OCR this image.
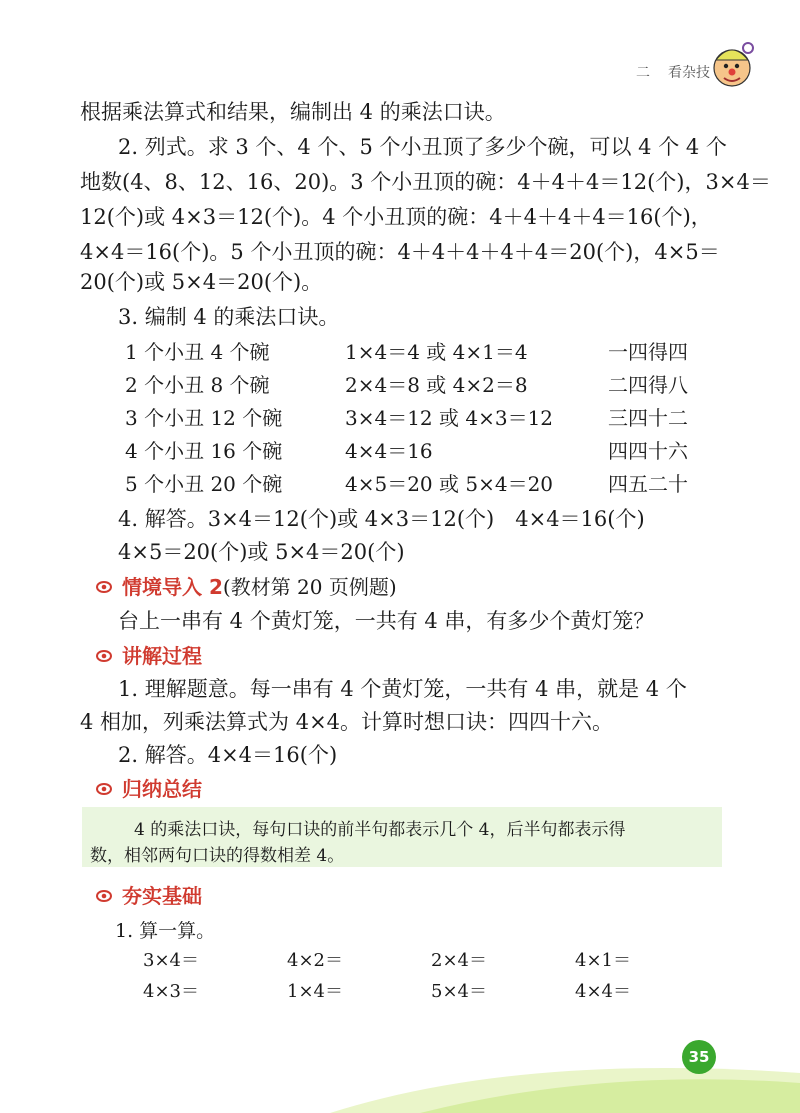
二 看杂技
根据乘法算式和结果，编制出 4 的乘法口诀。
2. 列式。求 3 个、4 个、5 个小丑顶了多少个碗，可以 4 个 4 个
地数(4、8、12、16、20)。3 个小丑顶的碗：4＋4＋4＝12(个)，3×4＝
12(个)或 4×3＝12(个)。4 个小丑顶的碗：4＋4＋4＋4＝16(个)，
4×4＝16(个)。5 个小丑顶的碗：4＋4＋4＋4＋4＝20(个)，4×5＝
20(个)或 5×4＝20(个)。
3. 编制 4 的乘法口诀。
1 个小丑 4 个碗	1×4＝4 或 4×1＝4	一四得四
2 个小丑 8 个碗	2×4＝8 或 4×2＝8	二四得八
3 个小丑 12 个碗	3×4＝12 或 4×3＝12	三四十二
4 个小丑 16 个碗	4×4＝16	四四十六
5 个小丑 20 个碗	4×5＝20 或 5×4＝20	四五二十
4. 解答。3×4＝12(个)或 4×3＝12(个)　4×4＝16(个)
4×5＝20(个)或 5×4＝20(个)
情境导入 2(教材第 20 页例题)
台上一串有 4 个黄灯笼，一共有 4 串，有多少个黄灯笼？
讲解过程
1. 理解题意。每一串有 4 个黄灯笼，一共有 4 串，就是 4 个
4 相加，列乘法算式为 4×4。计算时想口诀：四四十六。
2. 解答。4×4＝16(个)
归纳总结

4 的乘法口诀，每句口诀的前半句都表示几个 4，后半句都表示得

数，相邻两句口诀的得数相差 4。

夯实基础
1. 算一算。
3×4＝	4×2＝	2×4＝	4×1＝
4×3＝	1×4＝	5×4＝	4×4＝
35
